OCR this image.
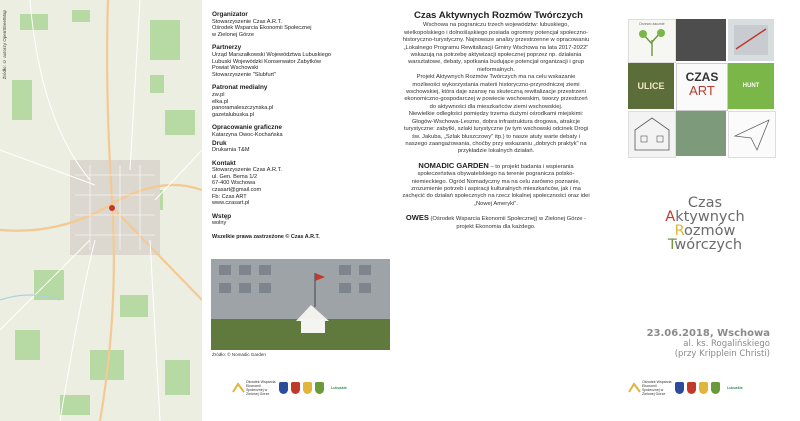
Źródło: © autorzy OpenStreetMap	Organizator

Stowarzyszenie Czas A.R.T.

Ośrodek Wsparcia Ekonomii Społecznej

w Zielonej Górze

Partnerzy

Urząd Marszałkowski Województwa Lubuskiego

Lubuski Wojewódzki Konserwator Zabytków

Powiat Wschowski

Stowarzyszenie "Slubfurt"

Patronat medialny

zw.pl

elka.pl

panoramaleszczynska.pl

gazetalubuska.pl

Opracowanie graficzne

Katarzyna Owoc-Kochańska

Druk

Drukarnia T&M

Kontakt

Stowarzyszenie Czas A.R.T.

ul. Gen. Bema 1/2

67-400 Wschowa

czasart@gmail.com

Fb: Czas ART

www.czasart.pl

Wstęp

wolny

Wszelkie prawa zastrzeżone © Czas A.R.T.

Źródło: © Nomadic Garden
Ośrodek Wsparcia Ekonomii Społecznej w Zielonej Górze
Lubuskie
Czas Aktywnych Rozmów Twórczych

Wschowa na pograniczu trzech województw: lubuskiego, wielkopolskiego i dolnośląskiego posiada ogromny potencjał społeczno-historyczno-turystyczny. Najnowsze analizy przestrzenne w opracowaniu „Lokalnego Programu Rewitalizacji Gminy Wschowa na lata 2017-2022" wskazują na potrzebę aktywizacji społecznej poprzez np. działania warsztatowe, debaty, spotkania budujące potencjał organizacji i grup nieformalnych.

Projekt Aktywnych Rozmów Twórczych ma na celu wskazanie możliwości wykorzystania materii historyczno-przyrodniczej ziemi wschowskiej, która daje szansę na skuteczną rewitalizacje przestrzeni ekonomiczno-gospodarczej w powiecie wschowskim, tworzy przestrzeń do aktywności dla mieszkańców ziemi wschowskiej.

Niewielkie odległości pomiędzy trzema dużymi ośrodkami miejskimi: Głogów-Wschowa-Leszno, dobra infrastruktura drogowa, atrakcje turystyczne: zabytki, szlaki turystyczne (w tym wschowski odcinek Drogi św. Jakuba, „Szlak bluszczowy" itp.) to nasze atuty warte debaty i naszego zaangażowania, choćby przy wskazaniu „dobrych praktyk" na przykładzie lokalnych działań.

NOMADIC GARDEN – to projekt badania i wspierania społeczeństwa obywatelskiego na terenie pogranicza polsko-niemieckiego. Ogród Nomadyczny ma na celu zarówno poznanie, zrozumienie potrzeb i aspiracji kulturalnych mieszkańców, jak i ma zachęcić do działań społecznych na rzecz lokalnej społeczności oraz idei „Nowej Ameryki".

OWES (Ośrodek Wsparcia Ekonomii Społecznej) w Zielonej Górze - projekt Ekonomia dla każdego.

Drzewo zacznie
ULICE
CZAS
ART	HUNT
Czas
Aktywnych
Rozmów
Twórczych
23.06.2018, Wschowa
al. ks. Rogalińskiego
(przy Kripplein Christi)
Ośrodek Wsparcia Ekonomii Społecznej w Zielonej Górze
Lubuskie
